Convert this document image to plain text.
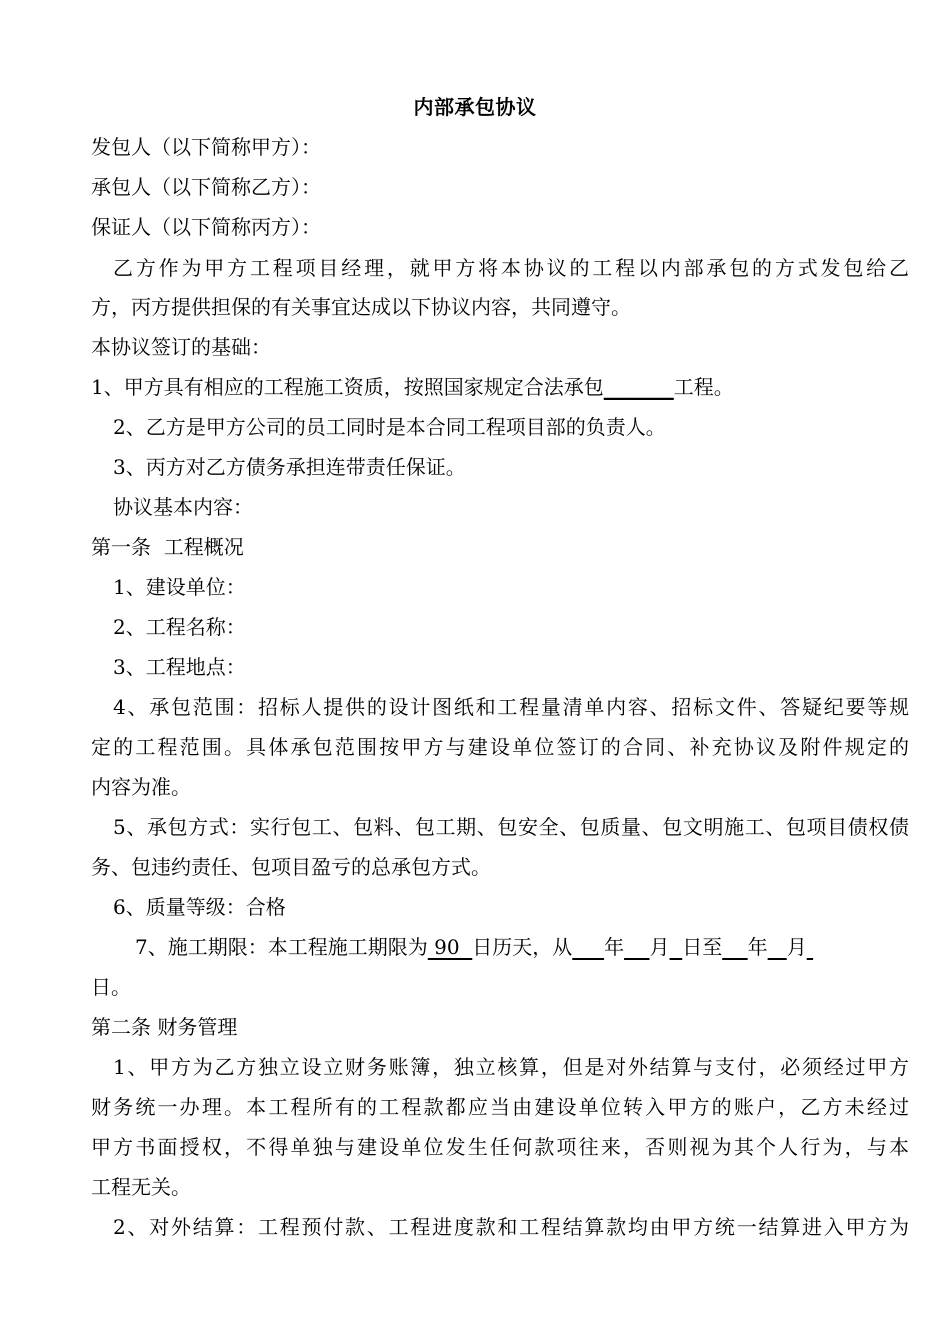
内部承包协议
发包人（以下简称甲方）：
承包人（以下简称乙方）：
保证人（以下简称丙方）：
乙方作为甲方工程项目经理，就甲方将本协议的工程以内部承包的方式发包给乙
方，丙方提供担保的有关事宜达成以下协议内容，共同遵守。
本协议签订的基础：
1、甲方具有相应的工程施工资质，按照国家规定合法承包_______工程。
2、乙方是甲方公司的员工同时是本合同工程项目部的负责人。
3、丙方对乙方债务承担连带责任保证。
协议基本内容：
第一条  工程概况
1、建设单位：
2、工程名称：
3、工程地点：
4、承包范围：招标人提供的设计图纸和工程量清单内容、招标文件、答疑纪要等规
定的工程范围。具体承包范围按甲方与建设单位签订的合同、补充协议及附件规定的
内容为准。
5、承包方式：实行包工、包料、包工期、包安全、包质量、包文明施工、包项目债权债
务、包违约责任、包项目盈亏的总承包方式。
6、质量等级：合格
7、施工期限：本工程施工期限为 90  日历天，从 年 月 日至 年 月
日。
第二条 财务管理
1、甲方为乙方独立设立财务账簿，独立核算，但是对外结算与支付，必须经过甲方
财务统一办理。本工程所有的工程款都应当由建设单位转入甲方的账户，乙方未经过
甲方书面授权，不得单独与建设单位发生任何款项往来，否则视为其个人行为，与本
工程无关。
2、对外结算：工程预付款、工程进度款和工程结算款均由甲方统一结算进入甲方为
